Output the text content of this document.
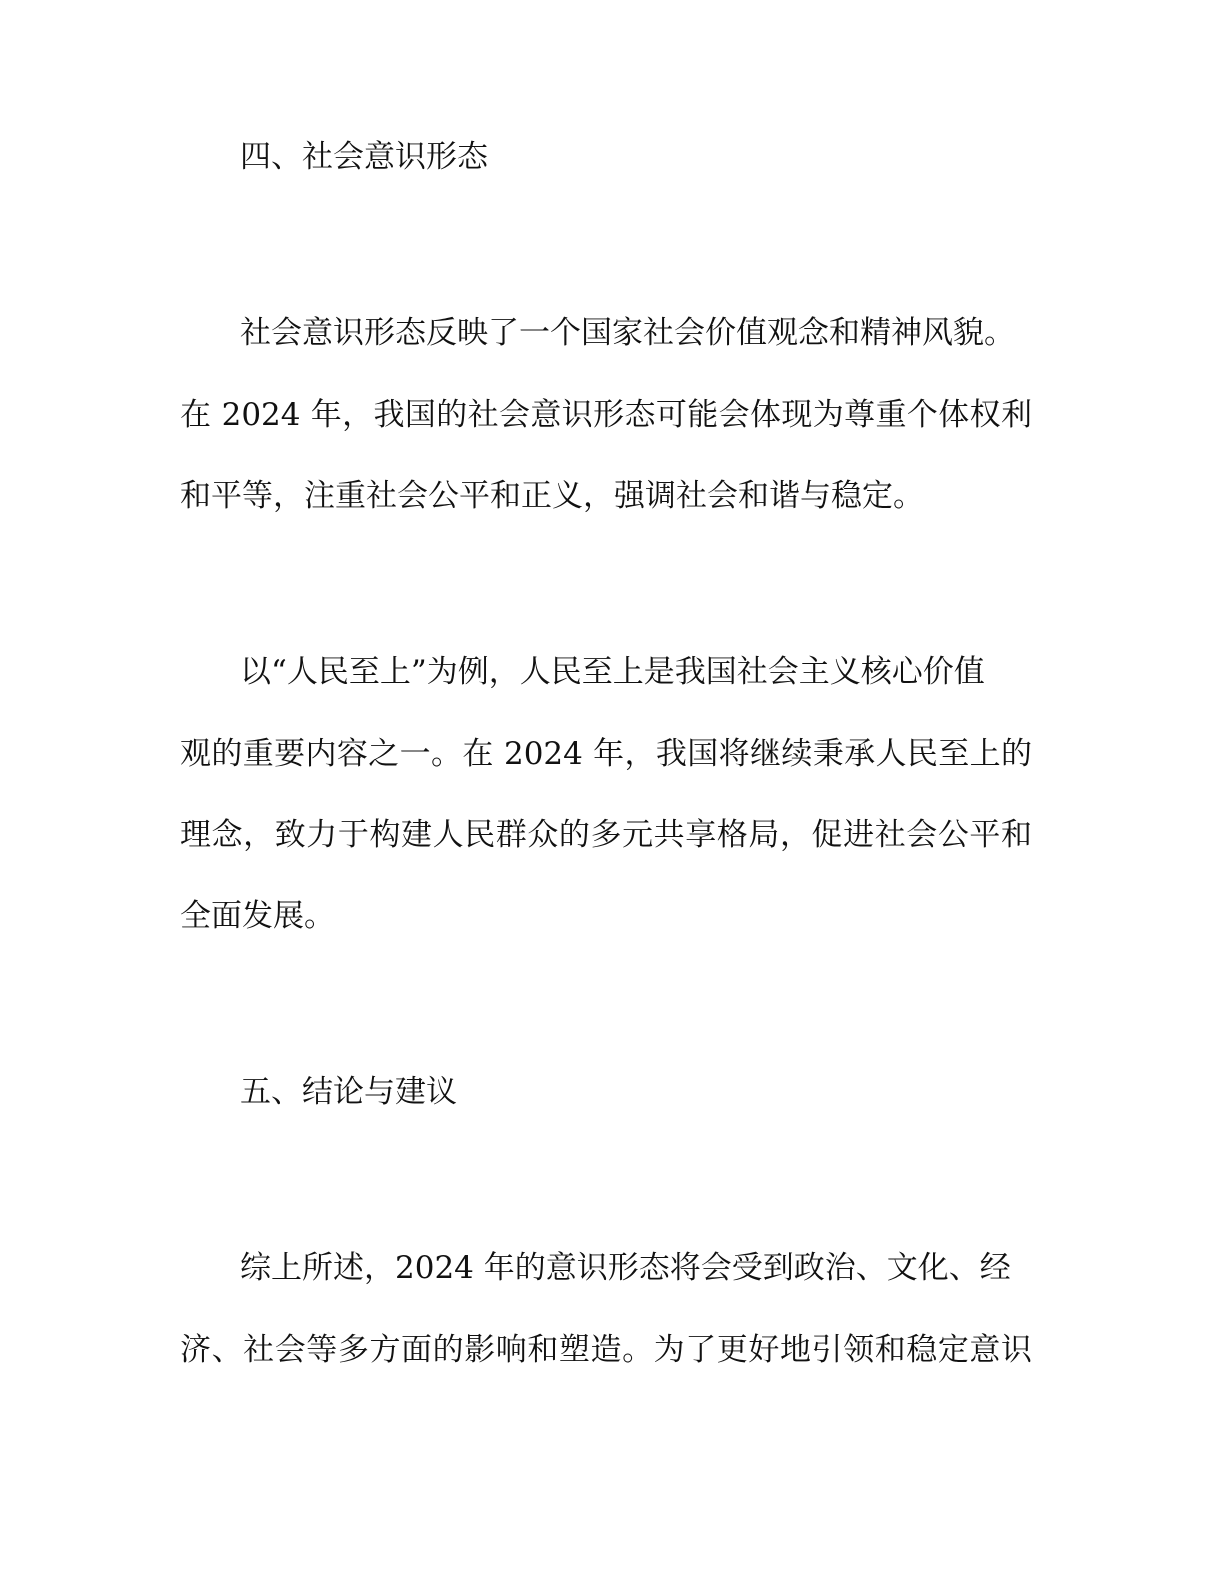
四、社会意识形态
社会意识形态反映了一个国家社会价值观念和精神风貌。
在 2024 年，我国的社会意识形态可能会体现为尊重个体权利
和平等，注重社会公平和正义，强调社会和谐与稳定。
以“人民至上”为例，人民至上是我国社会主义核心价值
观的重要内容之一。在 2024 年，我国将继续秉承人民至上的
理念，致力于构建人民群众的多元共享格局，促进社会公平和
全面发展。
五、结论与建议
综上所述，2024 年的意识形态将会受到政治、文化、经
济、社会等多方面的影响和塑造。为了更好地引领和稳定意识
